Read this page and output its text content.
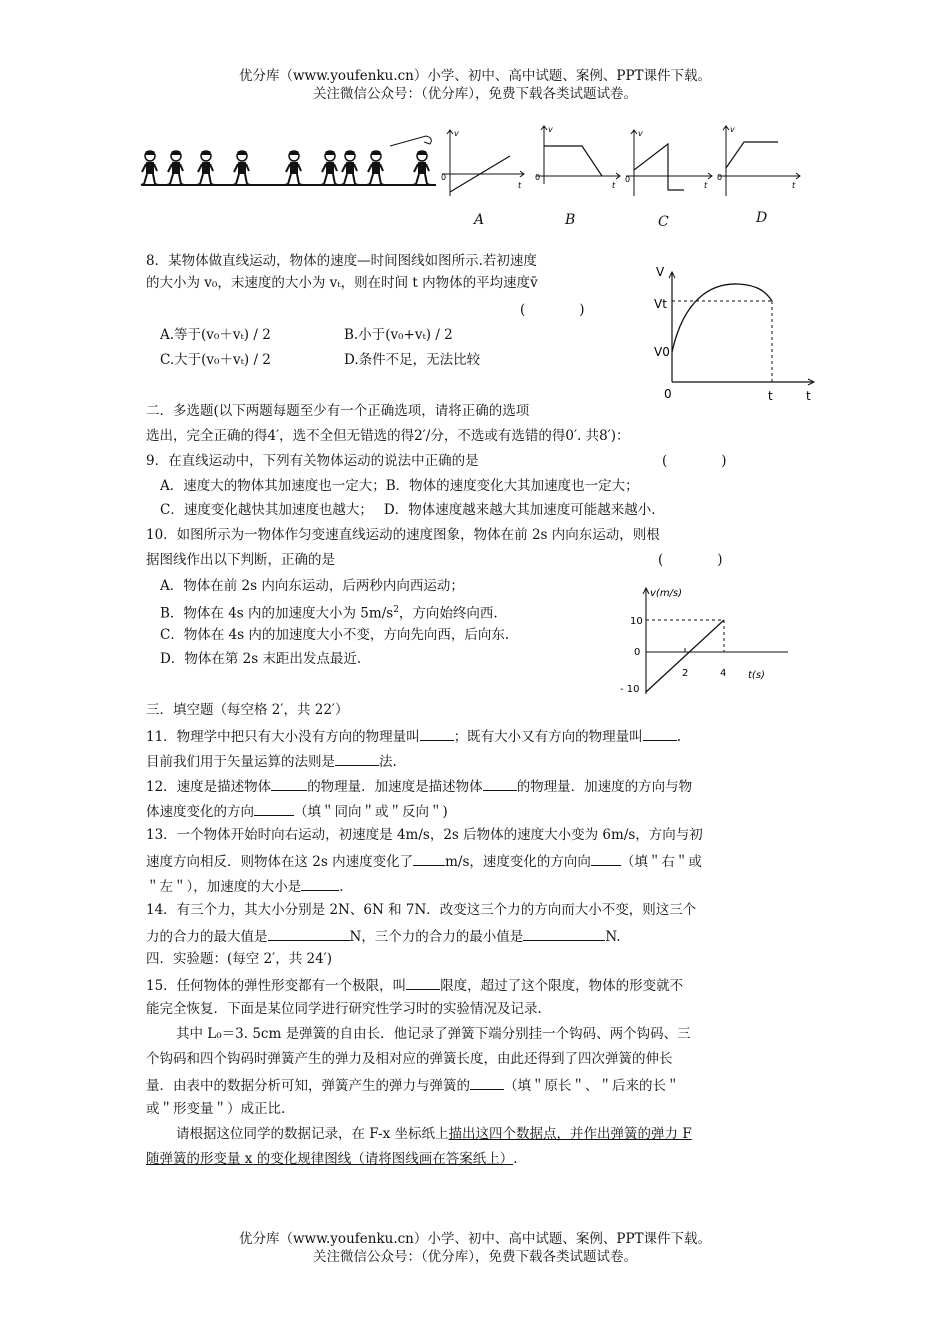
优分库（www.youfenku.cn）小学、初中、高中试题、案例、PPT课件下载。
关注微信公众号：（优分库），免费下载各类试题试卷。
0
v
t
0
v
t
0
v
t
0
v
t
A	B	C	D
8．某物体做直线运动，物体的速度—时间图线如图所示.若初速度
的大小为 v₀，末速度的大小为 vₜ，则在时间 t 内物体的平均速度v̄
(　　　　)
A.等于(v₀＋vₜ) / 2	B.小于(v₀+vₜ) / 2
C.大于(v₀＋vₜ) / 2	D.条件不足，无法比较
V
Vt
V0
0	t	t
二．多选题(以下两题每题至少有一个正确选项，请将正确的选项
选出，完全正确的得4′，选不全但无错选的得2′/分，不选或有选错的得0′. 共8′)：
9．在直线运动中，下列有关物体运动的说法中正确的是	(　　　　)
A．速度大的物体其加速度也一定大；B．物体的速度变化大其加速度也一定大；
C．速度变化越快其加速度也越大；　 D．物体速度越来越大其加速度可能越来越小.
10．如图所示为一物体作匀变速直线运动的速度图象，物体在前 2s 内向东运动，则根
据图线作出以下判断，正确的是	(　　　　)
A．物体在前 2s 内向东运动，后两秒内向西运动；
B．物体在 4s 内的加速度大小为 $5m/s^2$，方向始终向西.
C．物体在 4s 内的加速度大小不变，方向先向西，后向东.
D．物体在第 2s 末距出发点最近.
v(m/s)
10
0
- 10
2	4 t(s)
三．填空题（每空格 2′，共 22′）
11．物理学中把只有大小没有方向的物理量叫	；既有大小又有方向的物理量叫	.
目前我们用于矢量运算的法则是	法.
12．速度是描述物体	的物理量．加速度是描述物体	的物理量．加速度的方向与物
体速度变化的方向	（填＂同向＂或＂反向＂)
13．一个物体开始时向右运动，初速度是 4m/s，2s 后物体的速度大小变为 6m/s，方向与初
速度方向相反．则物体在这 2s 内速度变化了 m/s，速度变化的方向向 （填＂右＂或
＂左＂），加速度的大小是	.
14．有三个力，其大小分别是 2N、6N 和 7N．改变这三个力的方向而大小不变，则这三个
力的合力的最大值是	N，三个力的合力的最小值是	N.
四．实验题：(每空 2′，共 24′)
15．任何物体的弹性形变都有一个极限，叫	限度，超过了这个限度，物体的形变就不
能完全恢复．下面是某位同学进行研究性学习时的实验情况及记录.
其中 L₀＝3. 5cm 是弹簧的自由长．他记录了弹簧下端分别挂一个钩码、两个钩码、三
个钩码和四个钩码时弹簧产生的弹力及相对应的弹簧长度，由此还得到了四次弹簧的伸长
量．由表中的数据分析可知，弹簧产生的弹力与弹簧的	（填＂原长＂、＂后来的长＂
或＂形变量＂）成正比.
请根据这位同学的数据记录，在 F-x 坐标纸上描出这四个数据点，并作出弹簧的弹力 F
随弹簧的形变量 x 的变化规律图线（请将图线画在答案纸上）.
优分库（www.youfenku.cn）小学、初中、高中试题、案例、PPT课件下载。
关注微信公众号：（优分库），免费下载各类试题试卷。
